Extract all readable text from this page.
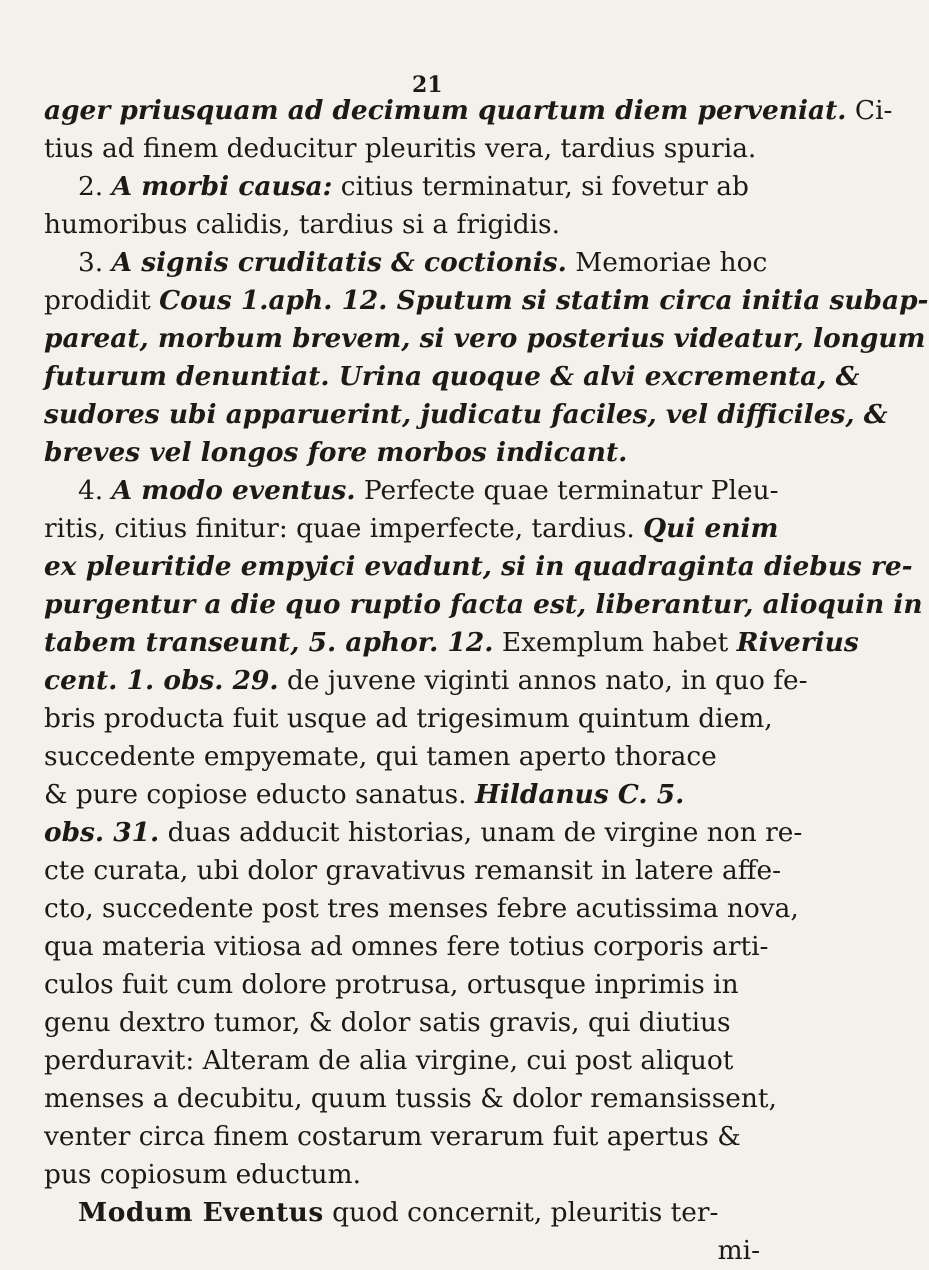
21
ager priusquam ad decimum quartum diem perveniat. Ci-
tius ad finem deducitur pleuritis vera, tardius spuria.
2. A morbi causa: citius terminatur, si fovetur ab
humoribus calidis, tardius si a frigidis.
3. A signis cruditatis & coctionis. Memoriae hoc
prodidit Cous 1.aph. 12. Sputum si statim circa initia subap-
pareat, morbum brevem, si vero posterius videatur, longum
futurum denuntiat. Urina quoque & alvi excrementa, &
sudores ubi apparuerint, judicatu faciles, vel difficiles, &
breves vel longos fore morbos indicant.
4. A modo eventus. Perfecte quae terminatur Pleu-
ritis, citius finitur: quae imperfecte, tardius. Qui enim
ex pleuritide empyici evadunt, si in quadraginta diebus re-
purgentur a die quo ruptio facta est, liberantur, alioquin in
tabem transeunt, 5. aphor. 12. Exemplum habet Riverius
cent. 1. obs. 29. de juvene viginti annos nato, in quo fe-
bris producta fuit usque ad trigesimum quintum diem,
succedente empyemate, qui tamen aperto thorace
& pure copiose educto sanatus. Hildanus C. 5.
obs. 31. duas adducit historias, unam de virgine non re-
cte curata, ubi dolor gravativus remansit in latere affe-
cto, succedente post tres menses febre acutissima nova,
qua materia vitiosa ad omnes fere totius corporis arti-
culos fuit cum dolore protrusa, ortusque inprimis in
genu dextro tumor, & dolor satis gravis, qui diutius
perduravit: Alteram de alia virgine, cui post aliquot
menses a decubitu, quum tussis & dolor remansissent,
venter circa finem costarum verarum fuit apertus &
pus copiosum eductum.
Modum Eventus quod concernit, pleuritis ter-
mi-
